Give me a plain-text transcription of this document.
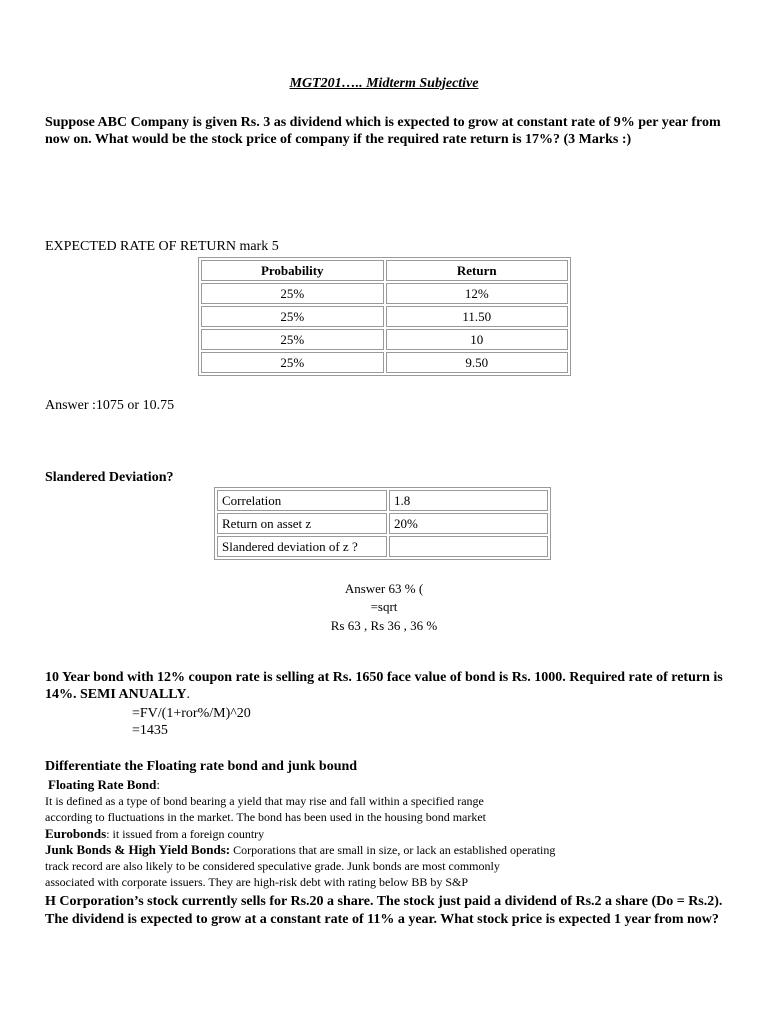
MGT201….. Midterm Subjective
Suppose ABC Company is given Rs. 3 as dividend which is expected to grow at constant rate of 9% per year from now on. What would be the stock price of company if the required rate return is 17%? (3 Marks :)
EXPECTED RATE OF RETURN mark 5
Probability	Return
25%	12%
25%	11.50
25%	10
25%	9.50
Answer :1075 or 10.75
Slandered Deviation?
Correlation	1.8
Return on asset z	20%
Slandered deviation of z ?	
Answer 63 % (
=sqrt
Rs 63 , Rs 36 , 36 %
10 Year bond with 12% coupon rate is selling at Rs. 1650 face value of bond is Rs. 1000. Required rate of return is 14%. SEMI ANUALLY.
=FV/(1+ror%/M)^20
=1435
Differentiate the Floating rate bond and junk bound
Floating Rate Bond:
It is defined as a type of bond bearing a yield that may rise and fall within a specified range
according to fluctuations in the market. The bond has been used in the housing bond market
Eurobonds: it issued from a foreign country
Junk Bonds & High Yield Bonds: Corporations that are small in size, or lack an established operating
track record are also likely to be considered speculative grade. Junk bonds are most commonly
associated with corporate issuers. They are high-risk debt with rating below BB by S&P
H Corporation’s stock currently sells for Rs.20 a share. The stock just paid a dividend of Rs.2 a share (Do = Rs.2). The dividend is expected to grow at a constant rate of 11% a year. What stock price is expected 1 year from now?
